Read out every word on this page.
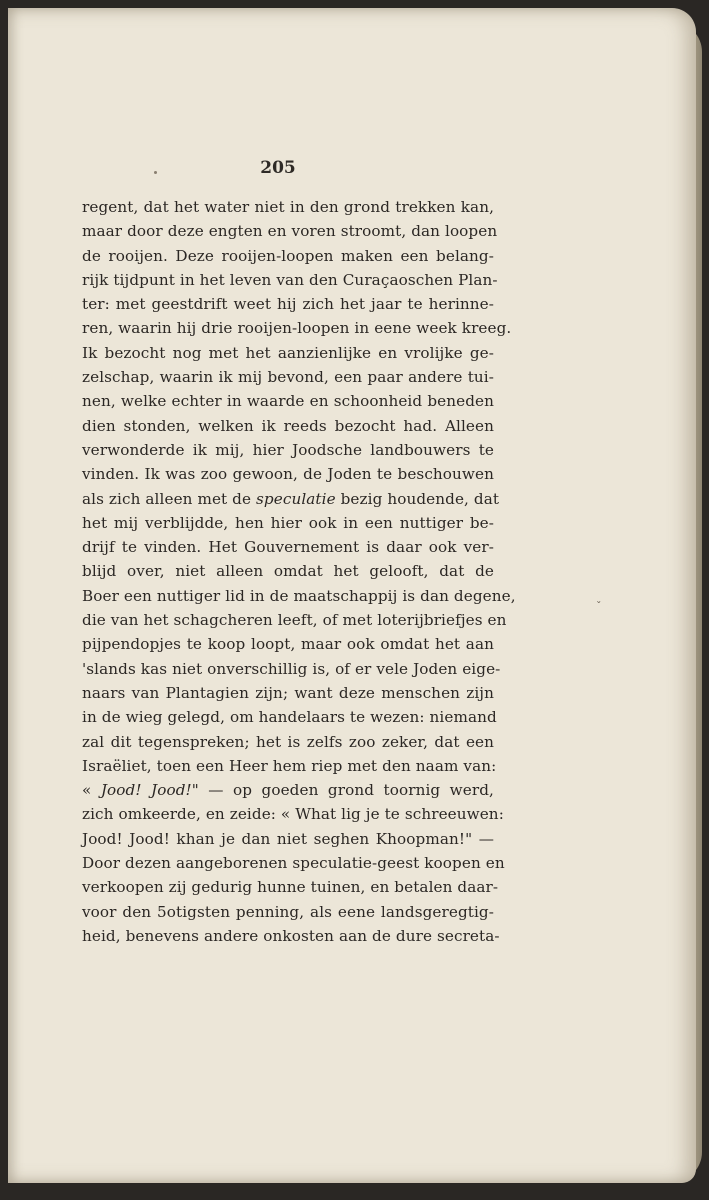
205
ˇ
regent, dat het water niet in den grond trekken kan,
maar door deze engten en voren stroomt, dan loopen
de rooijen. Deze rooijen-loopen maken een belang-
rijk tijdpunt in het leven van den Curaçaoschen Plan-
ter: met geestdrift weet hij zich het jaar te herinne-
ren, waarin hij drie rooijen-loopen in eene week kreeg.
Ik bezocht nog met het aanzienlijke en vrolijke ge-
zelschap, waarin ik mij bevond, een paar andere tui-
nen, welke echter in waarde en schoonheid beneden
dien stonden, welken ik reeds bezocht had. Alleen
verwonderde ik mij, hier Joodsche landbouwers te
vinden. Ik was zoo gewoon, de Joden te beschouwen
als zich alleen met de speculatie bezig houdende, dat
het mij verblijdde, hen hier ook in een nuttiger be-
drijf te vinden. Het Gouvernement is daar ook ver-
blijd over, niet alleen omdat het gelooft, dat de
Boer een nuttiger lid in de maatschappij is dan degene,
die van het schagcheren leeft, of met loterijbriefjes en
pijpendopjes te koop loopt, maar ook omdat het aan
'slands kas niet onverschillig is, of er vele Joden eige-
naars van Plantagien zijn; want deze menschen zijn
in de wieg gelegd, om handelaars te wezen: niemand
zal dit tegenspreken; het is zelfs zoo zeker, dat een
Israëliet, toen een Heer hem riep met den naam van:
« Jood! Jood!" — op goeden grond toornig werd,
zich omkeerde, en zeide: « What lig je te schreeuwen:
Jood! Jood! khan je dan niet seghen Khoopman!" —
Door dezen aangeborenen speculatie-geest koopen en
verkoopen zij gedurig hunne tuinen, en betalen daar-
voor den 5otigsten penning, als eene landsgeregtig-
heid, benevens andere onkosten aan de dure secreta-
